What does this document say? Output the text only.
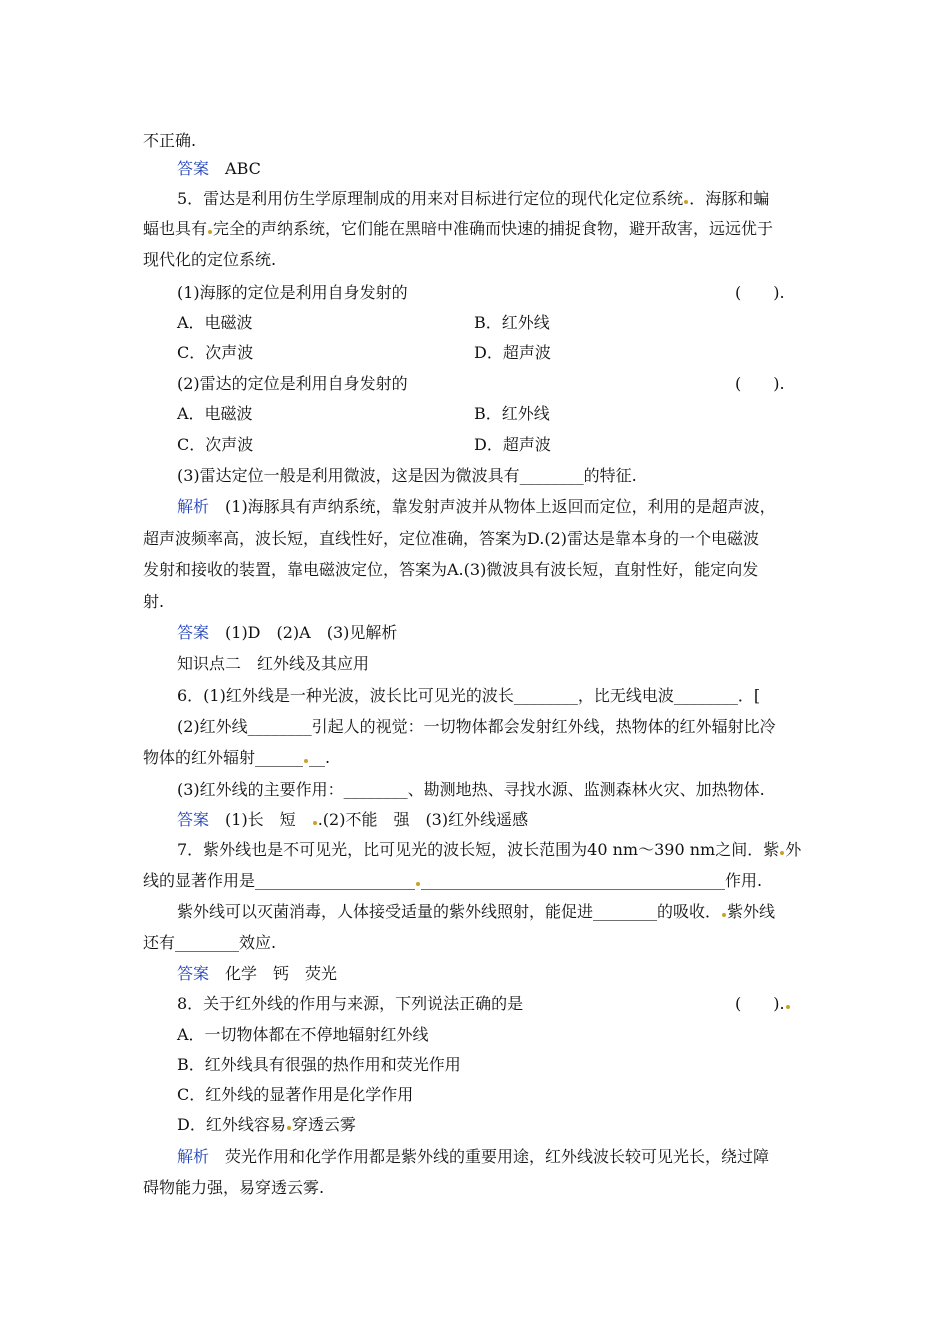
不正确.
答案　 ABC
5．雷达是利用仿生学原理制成的用来对目标进行定位的现代化定位系统 ．海豚和蝙
蝠也具有 完全的声纳系统，它们能在黑暗中准确而快速的捕捉食物，避开敌害，远远优于
现代化的定位系统.
(1)海豚的定位是利用自身发射的	(　　).
A．电磁波	B．红外线
C．次声波	D．超声波
(2)雷达的定位是利用自身发射的	(　　).
A．电磁波	B．红外线
C．次声波	D．超声波
(3)雷达定位一般是利用微波，这是因为微波具有________的特征.
解析　(1)海豚具有声纳系统，靠发射声波并从物体上返回而定位，利用的是超声波，
超声波频率高，波长短，直线性好，定位准确，答案为D.(2)雷达是靠本身的一个电磁波
发射和接收的装置，靠电磁波定位，答案为A.(3)微波具有波长短，直射性好，能定向发
射.
答案　(1)D　(2)A　(3)见解析
知识点二　红外线及其应用
6．(1)红外线是一种光波，波长比可见光的波长________，比无线电波________．[
(2)红外线________引起人的视觉：一切物体都会发射红外线，热物体的红外辐射比冷
物体的红外辐射______ __.
(3)红外线的主要作用：________、勘测地热、寻找水源、监测森林火灾、加热物体.
答案　(1)长　短　.(2)不能　强　(3)红外线遥感
7．紫外线也是不可见光，比可见光的波长短，波长范围为40 nm～390 nm之间．紫 外
线的显著作用是____________________ ______________________________________作用.
紫外线可以灭菌消毒，人体接受适量的紫外线照射，能促进________的吸收． 紫外线
还有________效应.
答案　化学　钙　荧光
8．关于红外线的作用与来源，下列说法正确的是	(　　).
A．一切物体都在不停地辐射红外线
B．红外线具有很强的热作用和荧光作用
C．红外线的显著作用是化学作用
D．红外线容易 穿透云雾
解析　荧光作用和化学作用都是紫外线的重要用途，红外线波长较可见光长，绕过障
碍物能力强，易穿透云雾.
